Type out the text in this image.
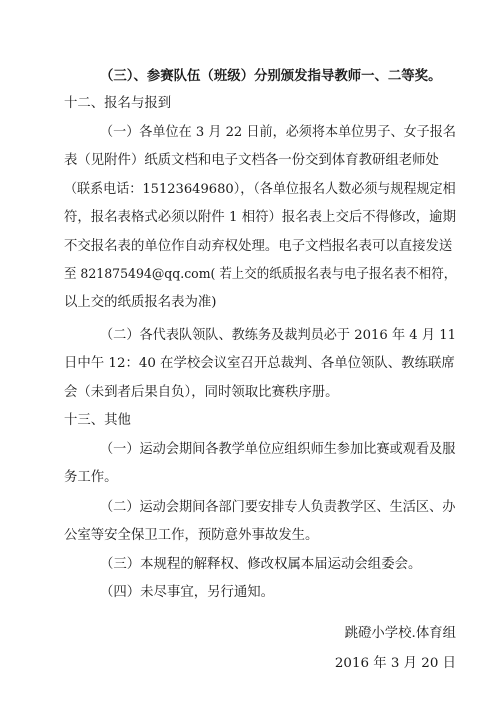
（三）、参赛队伍（班级）分别颁发指导教师一、二等奖。
十二、报名与报到
（一）各单位在 3 月 22 日前，必须将本单位男子、女子报名
表（见附件）纸质文档和电子文档各一份交到体育教研组老师处
（联系电话：15123649680），（各单位报名人数必须与规程规定相
符，报名表格式必须以附件 1 相符）报名表上交后不得修改，逾期
不交报名表的单位作自动弃权处理。电子文档报名表可以直接发送
至 821875494@qq.com( 若上交的纸质报名表与电子报名表不相符，
以上交的纸质报名表为准)
（二）各代表队领队、教练务及裁判员必于 2016 年 4 月 11
日中午 12：40 在学校会议室召开总裁判、各单位领队、教练联席
会（未到者后果自负），同时领取比赛秩序册。
十三、其他
（一）运动会期间各教学单位应组织师生参加比赛或观看及服
务工作。
（二）运动会期间各部门要安排专人负责教学区、生活区、办
公室等安全保卫工作，预防意外事故发生。
（三）本规程的解释权、修改权属本届运动会组委会。
（四）未尽事宜，另行通知。
跳磴小学校.体育组
2016 年 3 月 20 日
